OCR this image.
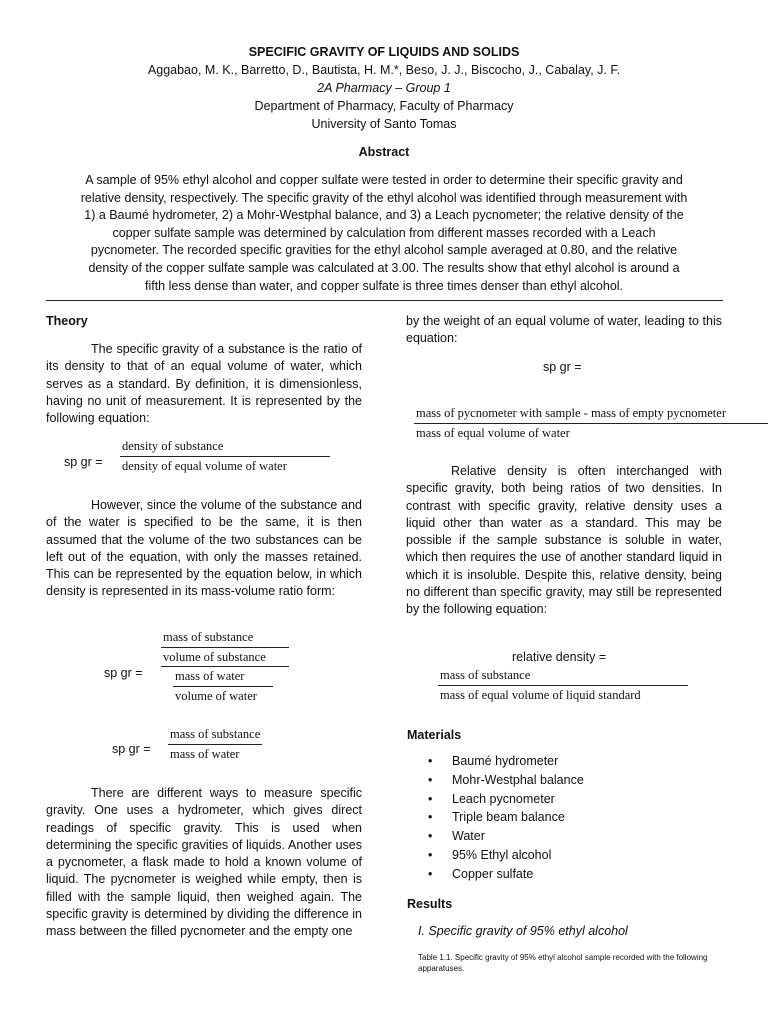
SPECIFIC GRAVITY OF LIQUIDS AND SOLIDS
Aggabao, M. K., Barretto, D., Bautista, H. M.*, Beso, J. J., Biscocho, J., Cabalay, J. F.
2A Pharmacy – Group 1
Department of Pharmacy, Faculty of Pharmacy
University of Santo Tomas
Abstract
A sample of 95% ethyl alcohol and copper sulfate were tested in order to determine their specific gravity and
relative density, respectively. The specific gravity of the ethyl alcohol was identified through measurement with
1) a Baumé hydrometer, 2) a Mohr-Westphal balance, and 3) a Leach pycnometer; the relative density of the
copper sulfate sample was determined by calculation from different masses recorded with a Leach
pycnometer. The recorded specific gravities for the ethyl alcohol sample averaged at 0.80, and the relative
density of the copper sulfate sample was calculated at 3.00. The results show that ethyl alcohol is around a
fifth less dense than water, and copper sulfate is three times denser than ethyl alcohol.
Theory

The specific gravity of a substance is the ratio of its density to that of an equal volume of water, which serves as a standard. By definition, it is dimensionless, having no unit of measurement. It is represented by the following equation:

sp gr =
density of substance
density of equal volume of water

However, since the volume of the substance and of the water is specified to be the same, it is then assumed that the volume of the two substances can be left out of the equation, with only the masses retained. This can be represented by the equation below, in which density is represented in its mass-volume ratio form:

sp gr =
mass of substance
volume of substance
mass of water
volume of water
sp gr =
mass of substance
mass of water

There are different ways to measure specific gravity. One uses a hydrometer, which gives direct readings of specific gravity. This is used when determining the specific gravities of liquids. Another uses a pycnometer, a flask made to hold a known volume of liquid. The pycnometer is weighed while empty, then is filled with the sample liquid, then weighed again. The specific gravity is determined by dividing the difference in mass between the filled pycnometer and the empty one

by the weight of an equal volume of water, leading to this equation:

sp gr =
mass of pycnometer with sample - mass of empty pycnometer
mass of equal volume of water

Relative density is often interchanged with specific gravity, both being ratios of two densities. In contrast with specific gravity, relative density uses a liquid other than water as a standard. This may be possible if the sample substance is soluble in water, which then requires the use of another standard liquid in which it is insoluble. Despite this, relative density, being no different than specific gravity, may still be represented by the following equation:

relative density =
mass of substance
mass of equal volume of liquid standard
Materials
• Baumé hydrometer
• Mohr-Westphal balance
• Leach pycnometer
• Triple beam balance
• Water
• 95% Ethyl alcohol
• Copper sulfate
Results
I. Specific gravity of 95% ethyl alcohol
Table 1.1. Specific gravity of 95% ethyl alcohol sample recorded with the following apparatuses.
